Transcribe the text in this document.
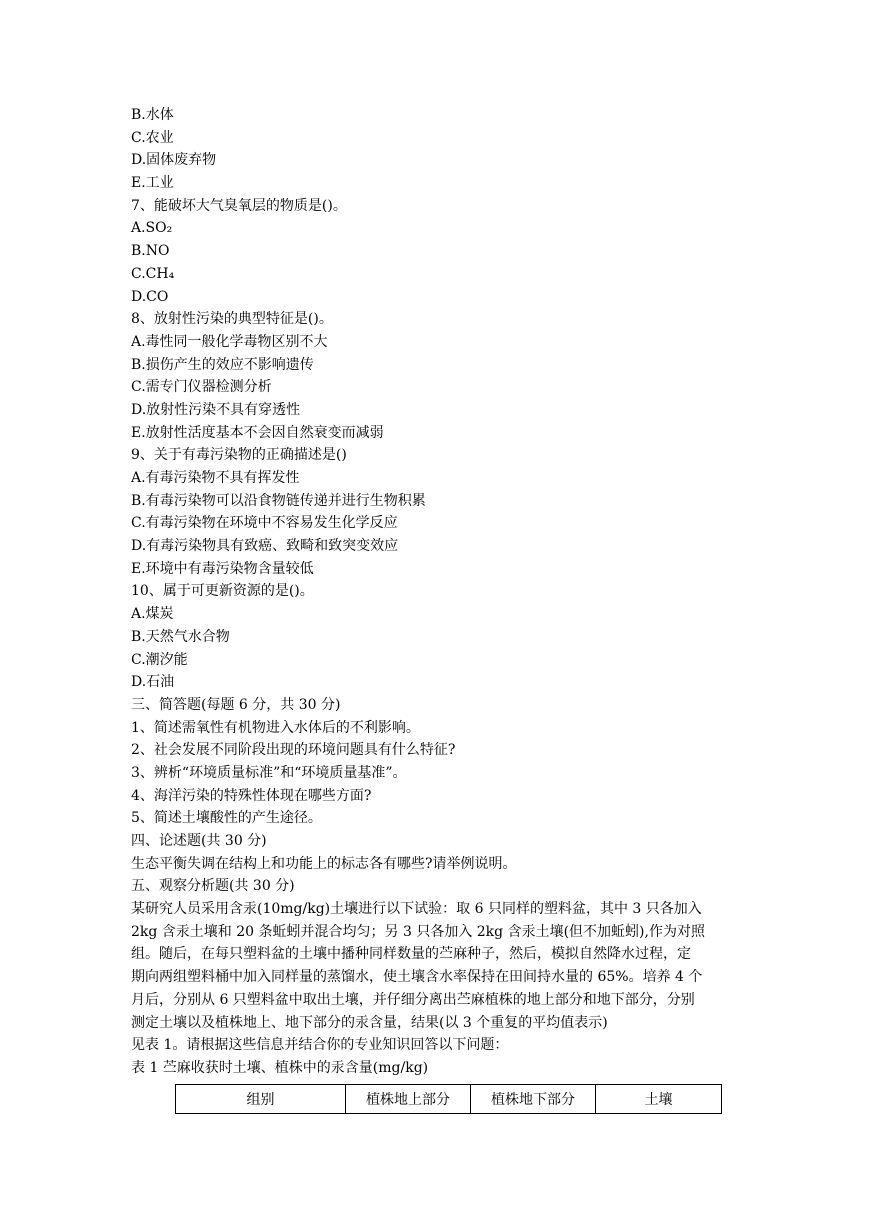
B.水体
C.农业
D.固体废弃物
E.工业
7、能破坏大气臭氧层的物质是()。
A.SO₂
B.NO
C.CH₄
D.CO
8、放射性污染的典型特征是()。
A.毒性同一般化学毒物区别不大
B.损伤产生的效应不影响遗传
C.需专门仪器检测分析
D.放射性污染不具有穿透性
E.放射性活度基本不会因自然衰变而减弱
9、关于有毒污染物的正确描述是()
A.有毒污染物不具有挥发性
B.有毒污染物可以沿食物链传递并进行生物积累
C.有毒污染物在环境中不容易发生化学反应
D.有毒污染物具有致癌、致畸和致突变效应
E.环境中有毒污染物含量较低
10、属于可更新资源的是()。
A.煤炭
B.天然气水合物
C.潮汐能
D.石油
三、简答题(每题 6 分，共 30 分)
1、简述需氧性有机物进入水体后的不利影响。
2、社会发展不同阶段出现的环境问题具有什么特征?
3、辨析“环境质量标准”和“环境质量基准”。
4、海洋污染的特殊性体现在哪些方面?
5、简述土壤酸性的产生途径。
四、论述题(共 30 分)
生态平衡失调在结构上和功能上的标志各有哪些?请举例说明。
五、观察分析题(共 30 分)
某研究人员采用含汞(10mg/kg)土壤进行以下试验：取 6 只同样的塑料盆，其中 3 只各加入
2kg 含汞土壤和 20 条蚯蚓并混合均匀；另 3 只各加入 2kg 含汞土壤(但不加蚯蚓),作为对照
组。随后，在每只塑料盆的土壤中播种同样数量的苎麻种子，然后，模拟自然降水过程，定
期向两组塑料桶中加入同样量的蒸馏水，使土壤含水率保持在田间持水量的 65%。培养 4 个
月后，分别从 6 只塑料盆中取出土壤，并仔细分离出苎麻植株的地上部分和地下部分，分别
测定土壤以及植株地上、地下部分的汞含量，结果(以 3 个重复的平均值表示)
见表 1。请根据这些信息并结合你的专业知识回答以下问题：
表 1 苎麻收获时土壤、植株中的汞含量(mg/kg)
组别	植株地上部分	植株地下部分	土壤
